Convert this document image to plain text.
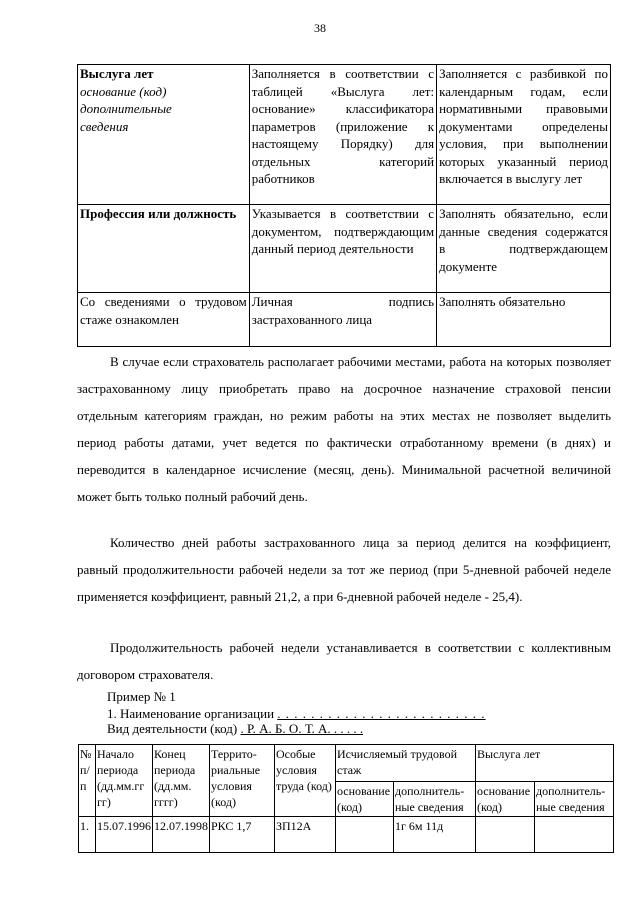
38
Выслуга лет
основание (код)
дополнительные
сведения	Заполняется в соответствии с таблицей «Выслуга лет: основание» классификатора параметров (приложение к настоящему Порядку) для отдельных категорий работников	Заполняется с разбивкой по календарным годам, если нормативными правовыми документами определены условия, при выполнении которых указанный период включается в выслугу лет
Профессия или должность	Указывается в соответствии с документом, подтверждающим данный период деятельности	Заполнять обязательно, если данные сведения содержатся в подтверждающем документе
Со сведениями о трудовом стаже ознакомлен	Личная подпись застрахованного лица	Заполнять обязательно

В случае если страхователь располагает рабочими местами, работа на которых позволяет застрахованному лицу приобретать право на досрочное назначение страховой пенсии отдельным категориям граждан, но режим работы на этих местах не позволяет выделить период работы датами, учет ведется по фактически отработанному времени (в днях) и переводится в календарное исчисление (месяц, день). Минимальной расчетной величиной может быть только полный рабочий день.

Количество дней работы застрахованного лица за период делится на коэффициент, равный продолжительности рабочей недели за тот же период (при 5-дневной рабочей неделе применяется коэффициент, равный 21,2, а при 6-дневной рабочей неделе - 25,4).

Продолжительность рабочей недели устанавливается в соответствии с коллективным договором страхователя.

Пример № 1
1. Наименование организации . . . . . . . . . . . . . . . . . . . . . . . . .
Вид деятельности (код) . Р. А. Б. О. Т. А. . . . . .
№ п/п	Начало периода (дд.мм.гг гг)	Конец периода (дд.мм. гггг)	Террито-риальные условия (код)	Особые условия труда (код)	Исчисляемый трудовой стаж		Выслуга лет	
					основание (код)	дополнитель-ные сведения	основание (код)	дополнитель-ные сведения
1.	15.07.1996	12.07.1998	РКС 1,7	ЗП12А		1г 6м 11д		
